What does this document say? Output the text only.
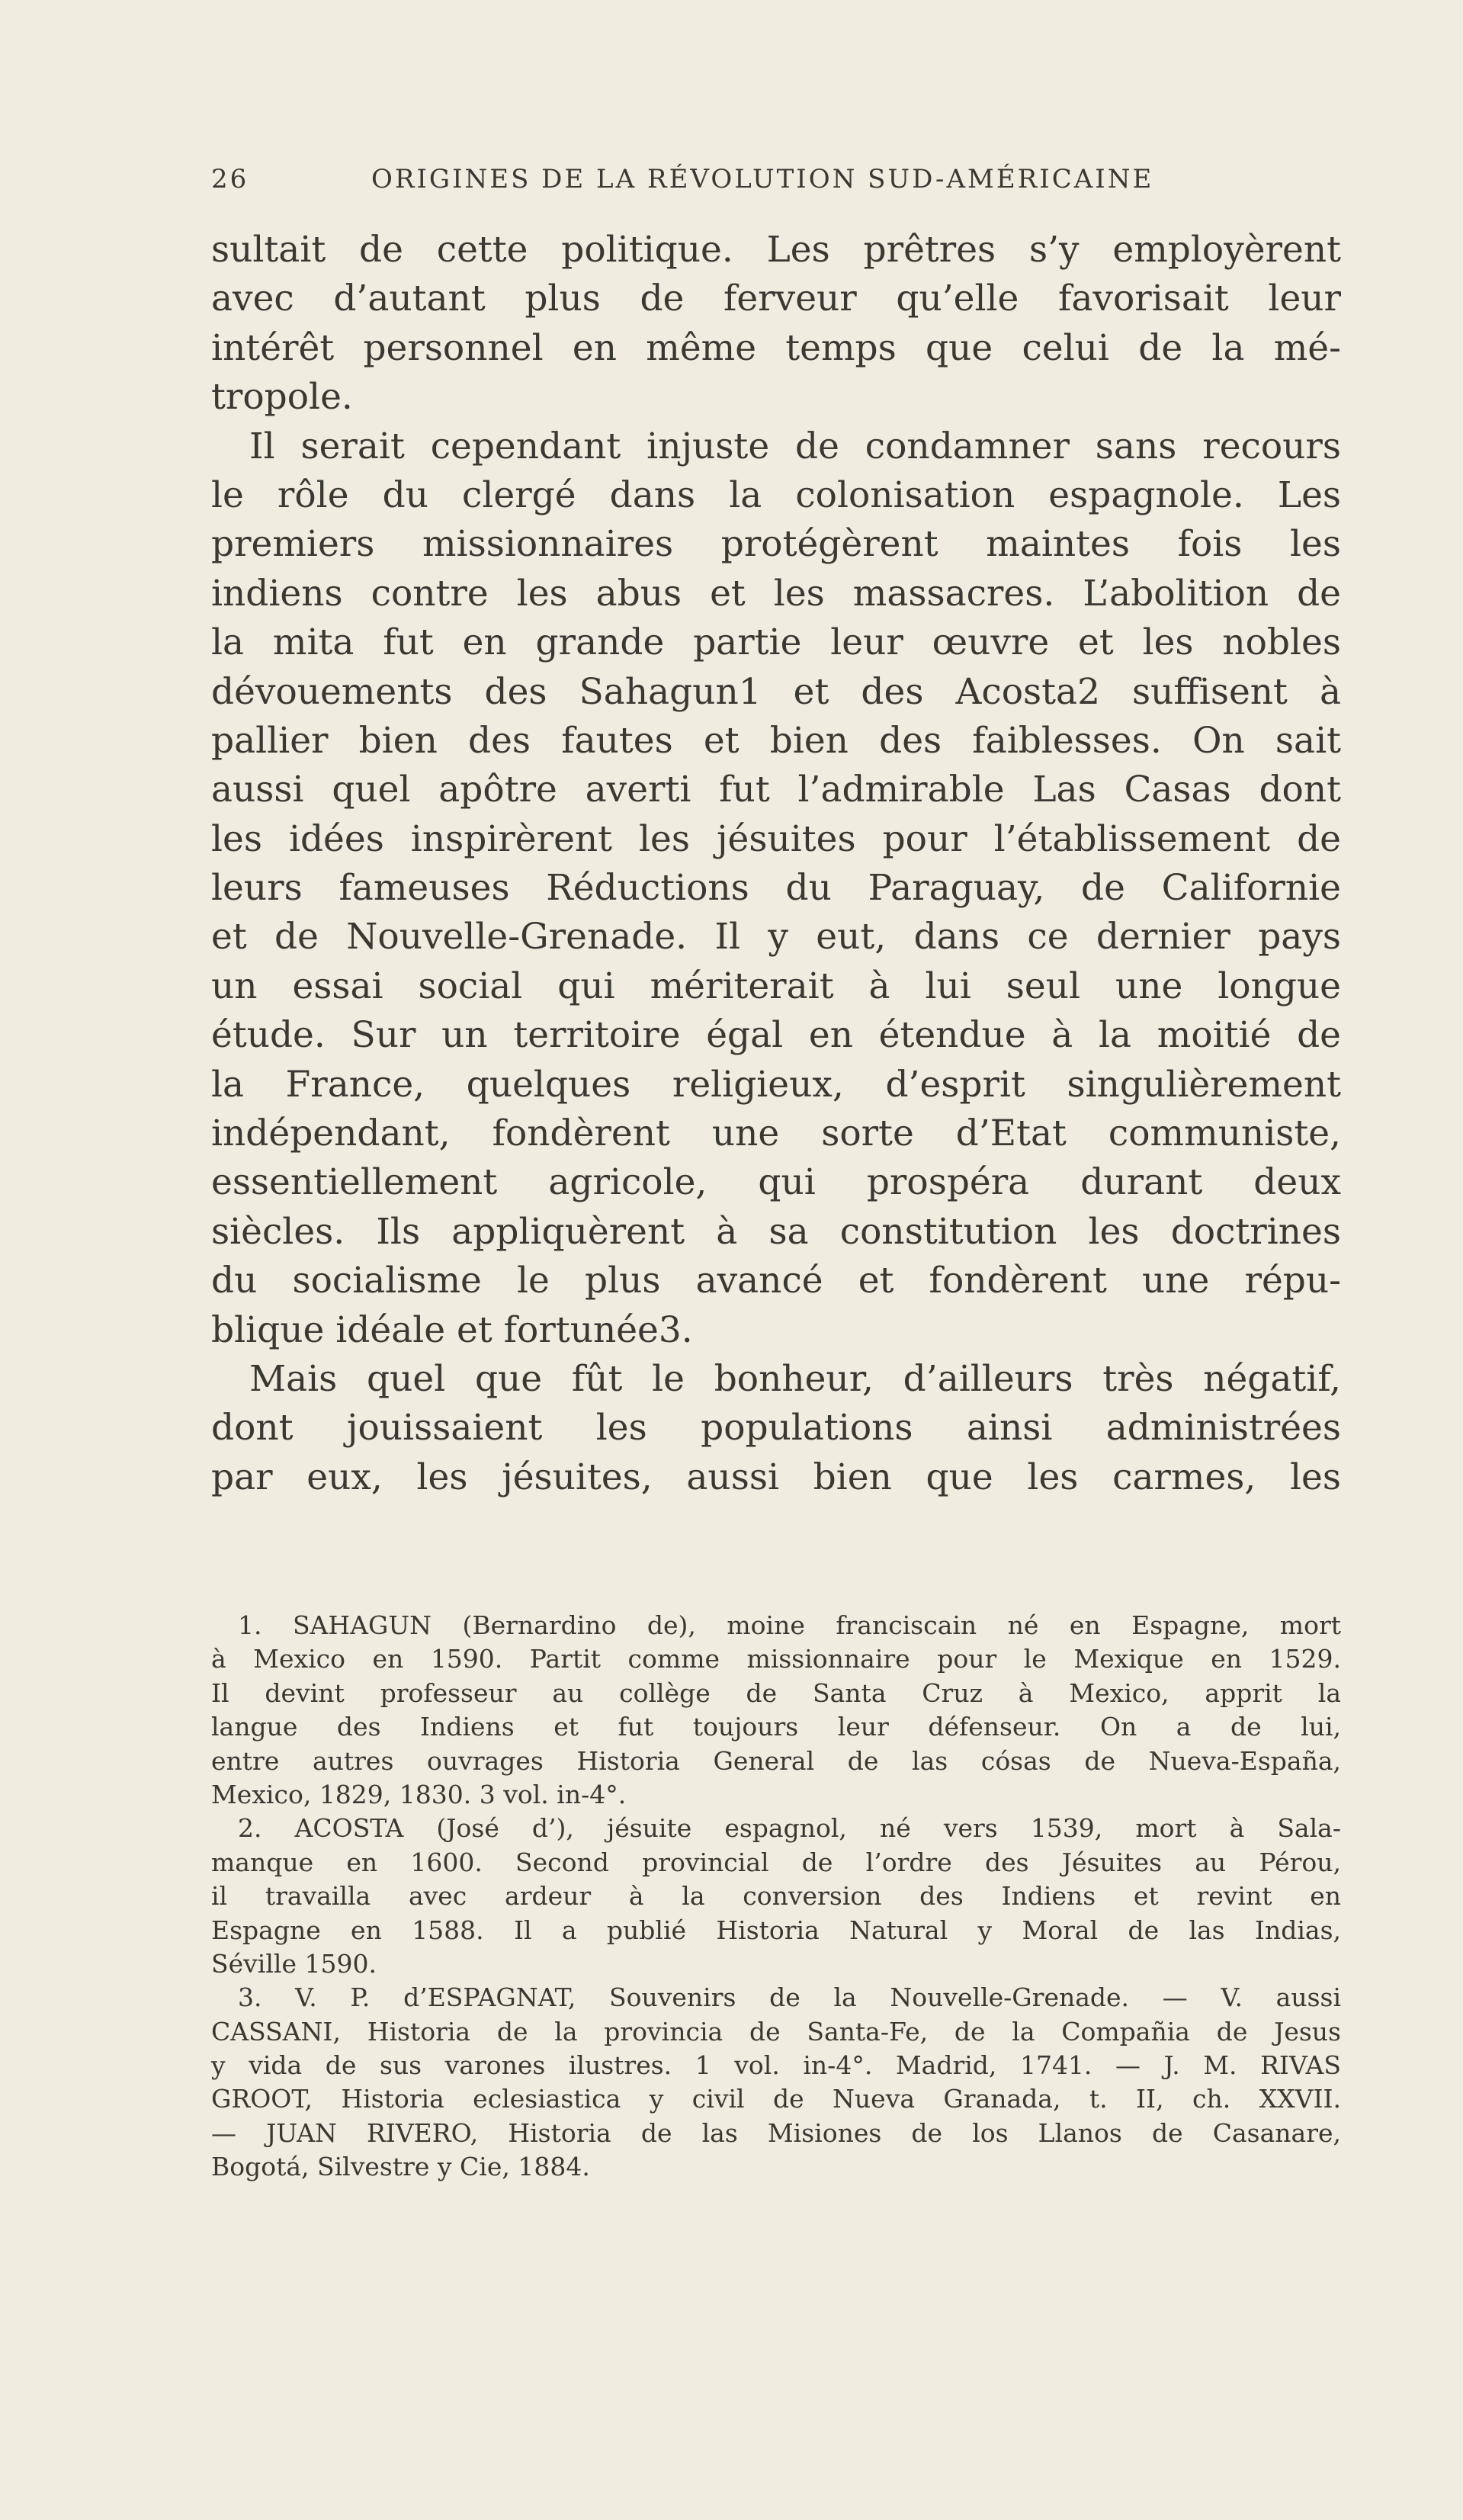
26	ORIGINES DE LA RÉVOLUTION SUD-AMÉRICAINE
sultait de cette politique. Les prêtres s’y employèrent
avec d’autant plus de ferveur qu’elle favorisait leur
intérêt personnel en même temps que celui de la mé-
tropole.
Il serait cependant injuste de condamner sans recours
le rôle du clergé dans la colonisation espagnole. Les
premiers missionnaires protégèrent maintes fois les
indiens contre les abus et les massacres. L’abolition de
la mita fut en grande partie leur œuvre et les nobles
dévouements des Sahagun1 et des Acosta2 suffisent à
pallier bien des fautes et bien des faiblesses. On sait
aussi quel apôtre averti fut l’admirable Las Casas dont
les idées inspirèrent les jésuites pour l’établissement de
leurs fameuses Réductions du Paraguay, de Californie
et de Nouvelle-Grenade. Il y eut, dans ce dernier pays
un essai social qui mériterait à lui seul une longue
étude. Sur un territoire égal en étendue à la moitié de
la France, quelques religieux, d’esprit singulièrement
indépendant, fondèrent une sorte d’Etat communiste,
essentiellement agricole, qui prospéra durant deux
siècles. Ils appliquèrent à sa constitution les doctrines
du socialisme le plus avancé et fondèrent une répu-
blique idéale et fortunée3.
Mais quel que fût le bonheur, d’ailleurs très négatif,
dont jouissaient les populations ainsi administrées
par eux, les jésuites, aussi bien que les carmes, les
1. SAHAGUN (Bernardino de), moine franciscain né en Espagne, mort
à Mexico en 1590. Partit comme missionnaire pour le Mexique en 1529.
Il devint professeur au collège de Santa Cruz à Mexico, apprit la
langue des Indiens et fut toujours leur défenseur. On a de lui,
entre autres ouvrages Historia General de las cósas de Nueva-España,
Mexico, 1829, 1830. 3 vol. in-4°.
2. ACOSTA (José d’), jésuite espagnol, né vers 1539, mort à Sala-
manque en 1600. Second provincial de l’ordre des Jésuites au Pérou,
il travailla avec ardeur à la conversion des Indiens et revint en
Espagne en 1588. Il a publié Historia Natural y Moral de las Indias,
Séville 1590.
3. V. P. d’ESPAGNAT, Souvenirs de la Nouvelle-Grenade. — V. aussi
CASSANI, Historia de la provincia de Santa-Fe, de la Compañia de Jesus
y vida de sus varones ilustres. 1 vol. in-4°. Madrid, 1741. — J. M. RIVAS
GROOT, Historia eclesiastica y civil de Nueva Granada, t. II, ch. XXVII.
— JUAN RIVERO, Historia de las Misiones de los Llanos de Casanare,
Bogotá, Silvestre y Cie, 1884.
